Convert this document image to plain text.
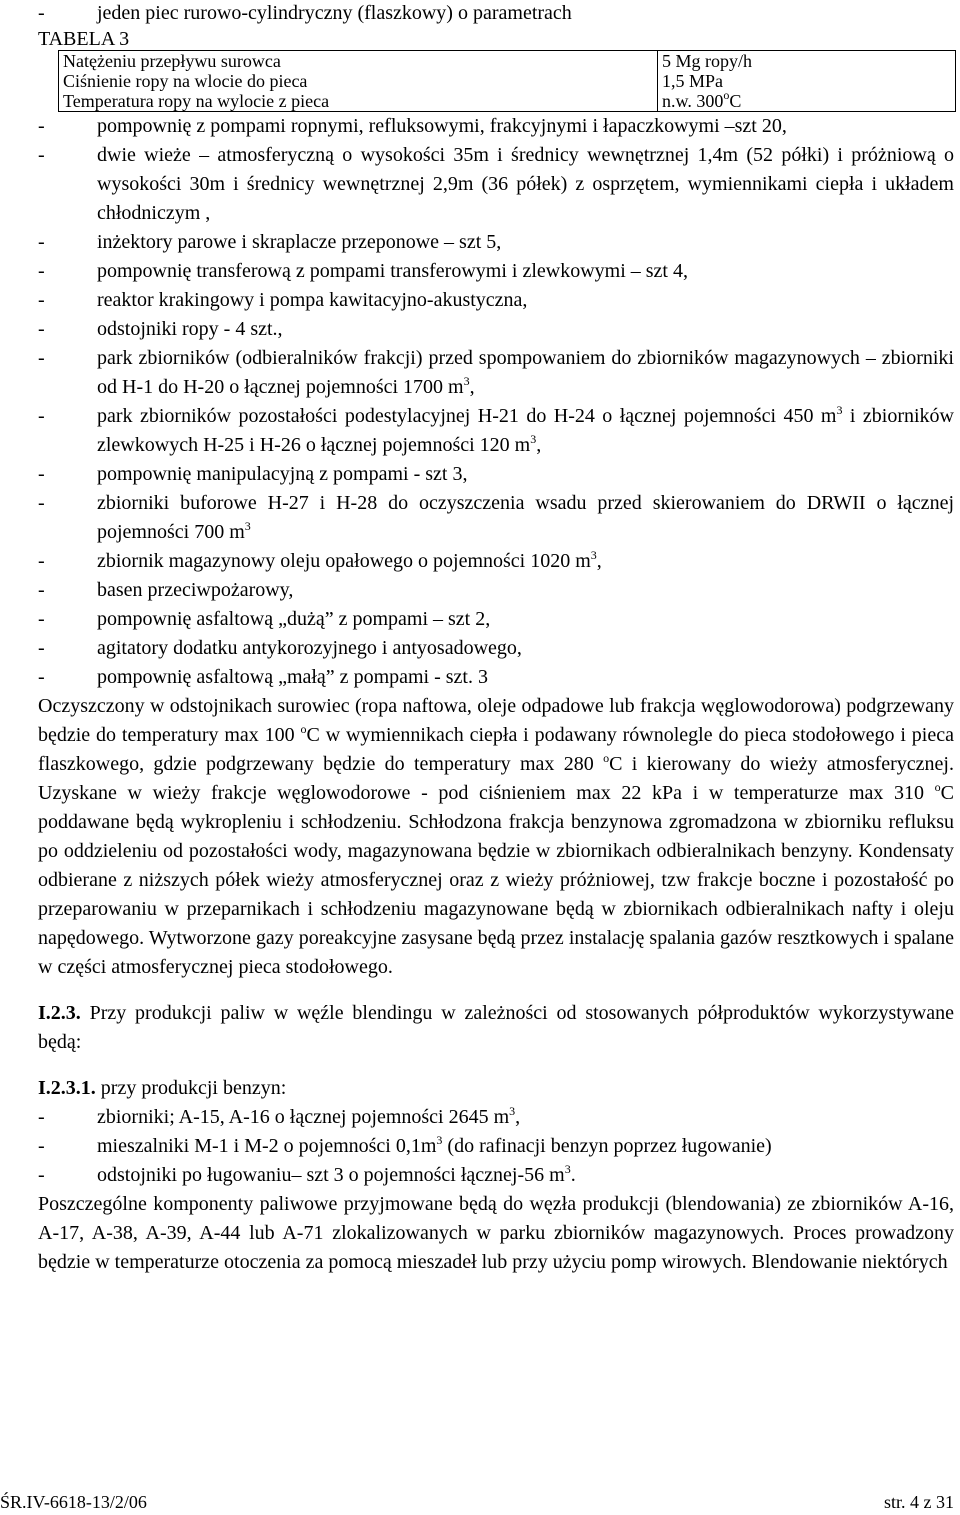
-	jeden piec rurowo-cylindryczny (flaszkowy) o parametrach
TABELA 3
Natężeniu przepływu surowca	5 Mg ropy/h
Ciśnienie ropy na wlocie do pieca	1,5 MPa
Temperatura ropy na wylocie z pieca	n.w. 300$^o$C
-	pompownię z pompami ropnymi, refluksowymi, frakcyjnymi i łapaczkowymi –szt 20,
-	dwie wieże – atmosferyczną o wysokości 35m i średnicy wewnętrznej 1,4m (52 półki) i próżniową o wysokości 30m i średnicy wewnętrznej 2,9m (36 półek) z osprzętem, wymiennikami ciepła i układem chłodniczym ,
-	inżektory parowe i skraplacze przeponowe – szt 5,
-	pompownię transferową z pompami transferowymi i zlewkowymi – szt 4,
-	reaktor krakingowy i pompa kawitacyjno-akustyczna,
-	odstojniki ropy - 4 szt.,
-	park zbiorników (odbieralników frakcji) przed spompowaniem do zbiorników magazynowych – zbiorniki od H-1 do H-20 o łącznej pojemności 1700 $m^3$,
-	park zbiorników pozostałości podestylacyjnej H-21 do H-24 o łącznej pojemności 450 $m^3$ i zbiorników zlewkowych H-25 i H-26 o łącznej pojemności 120 $m^3$,
-	pompownię manipulacyjną z pompami - szt 3,
-	zbiorniki buforowe H-27 i H-28 do oczyszczenia wsadu przed skierowaniem do DRWII o łącznej pojemności 700 $m^3$
-	zbiornik magazynowy oleju opałowego o pojemności 1020 $m^3$,
-	basen przeciwpożarowy,
-	pompownię asfaltową „dużą” z pompami – szt 2,
-	agitatory dodatku antykorozyjnego i antyosadowego,
-	pompownię asfaltową „małą” z pompami - szt. 3

Oczyszczony w odstojnikach surowiec (ropa naftowa, oleje odpadowe lub frakcja węglowodorowa) podgrzewany będzie do temperatury max 100 $^o$C w wymiennikach ciepła i podawany równolegle do pieca stodołowego i pieca flaszkowego, gdzie podgrzewany będzie do temperatury max 280 $^o$C i kierowany do wieży atmosferycznej. Uzyskane w wieży frakcje węglowodorowe - pod ciśnieniem max 22 kPa i w temperaturze max 310 $^o$C poddawane będą wykropleniu i schłodzeniu. Schłodzona frakcja benzynowa zgromadzona w zbiorniku refluksu po oddzieleniu od pozostałości wody, magazynowana będzie w zbiornikach odbieralnikach benzyny. Kondensaty odbierane z niższych półek wieży atmosferycznej oraz z wieży próżniowej, tzw frakcje boczne i pozostałość po przeparowaniu w przeparnikach i schłodzeniu magazynowane będą w zbiornikach odbieralnikach nafty i oleju napędowego. Wytworzone gazy poreakcyjne zasysane będą przez instalację spalania gazów resztkowych i spalane w części atmosferycznej pieca stodołowego.

I.2.3. Przy produkcji paliw w węźle blendingu w zależności od stosowanych półproduktów wykorzystywane będą:

I.2.3.1. przy produkcji benzyn:

-	zbiorniki; A-15, A-16 o łącznej pojemności 2645 $m^3$,
-	mieszalniki M-1 i M-2 o pojemności $0,1m^3$ (do rafinacji benzyn poprzez ługowanie)
-	odstojniki po ługowaniu– szt 3 o pojemności łącznej-56 $m^3$.

Poszczególne komponenty paliwowe przyjmowane będą do węzła produkcji (blendowania) ze zbiorników A-16, A-17, A-38, A-39, A-44 lub A-71 zlokalizowanych w parku zbiorników magazynowych. Proces prowadzony będzie w temperaturze otoczenia za pomocą mieszadeł lub przy użyciu pomp wirowych. Blendowanie niektórych

ŚR.IV-6618-13/2/06	str. 4 z 31
